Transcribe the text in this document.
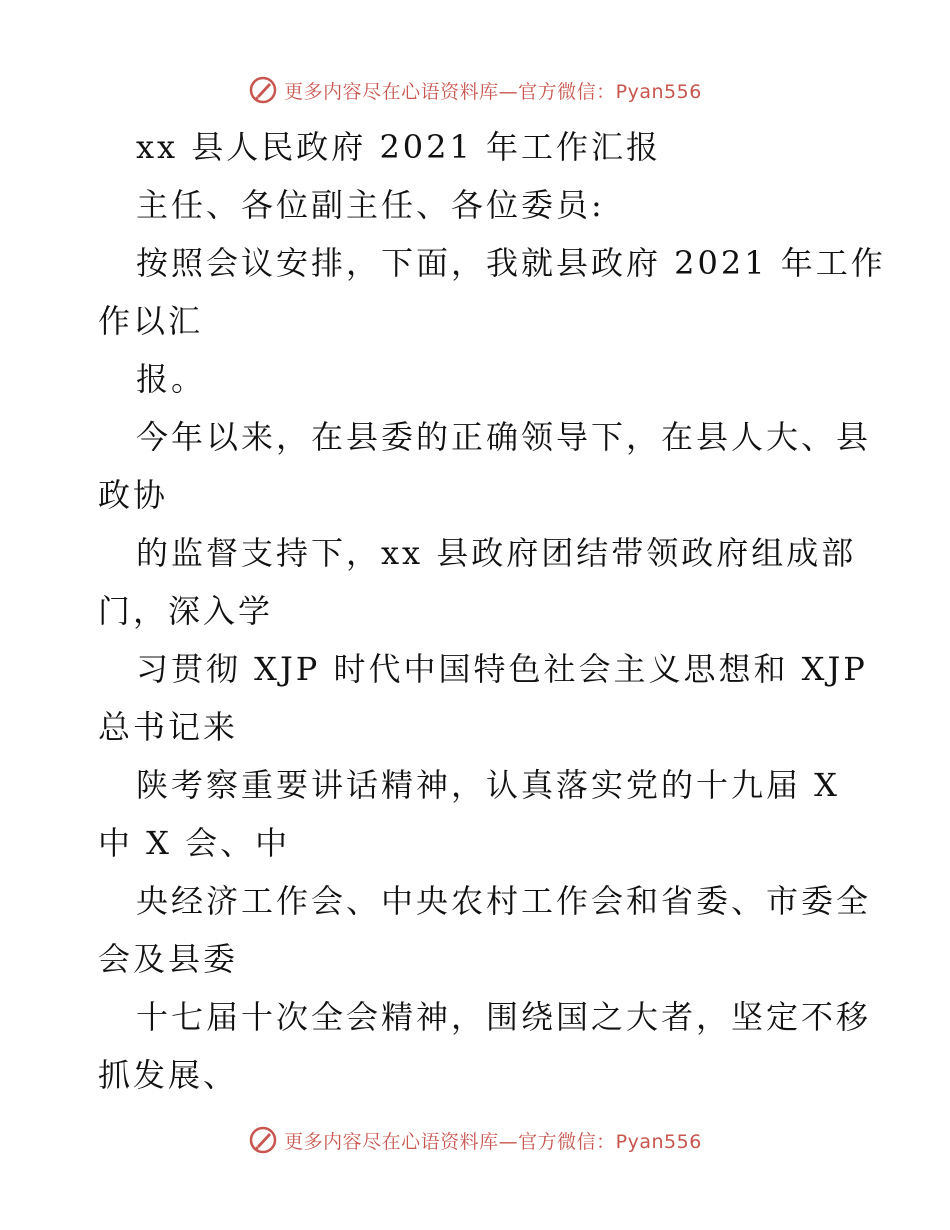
更多内容尽在心语资料库—官方微信：Pyan556
xx 县人民政府 2021 年工作汇报
主任、各位副主任、各位委员:
按照会议安排，下面，我就县政府 2021 年工作
作以汇
报。
今年以来，在县委的正确领导下，在县人大、县
政协
的监督支持下，xx 县政府团结带领政府组成部
门，深入学
习贯彻 XJP 时代中国特色社会主义思想和 XJP
总书记来
陕考察重要讲话精神，认真落实党的十九届 X
中 X 会、中
央经济工作会、中央农村工作会和省委、市委全
会及县委
十七届十次全会精神，围绕国之大者，坚定不移
抓发展、
更多内容尽在心语资料库—官方微信：Pyan556
